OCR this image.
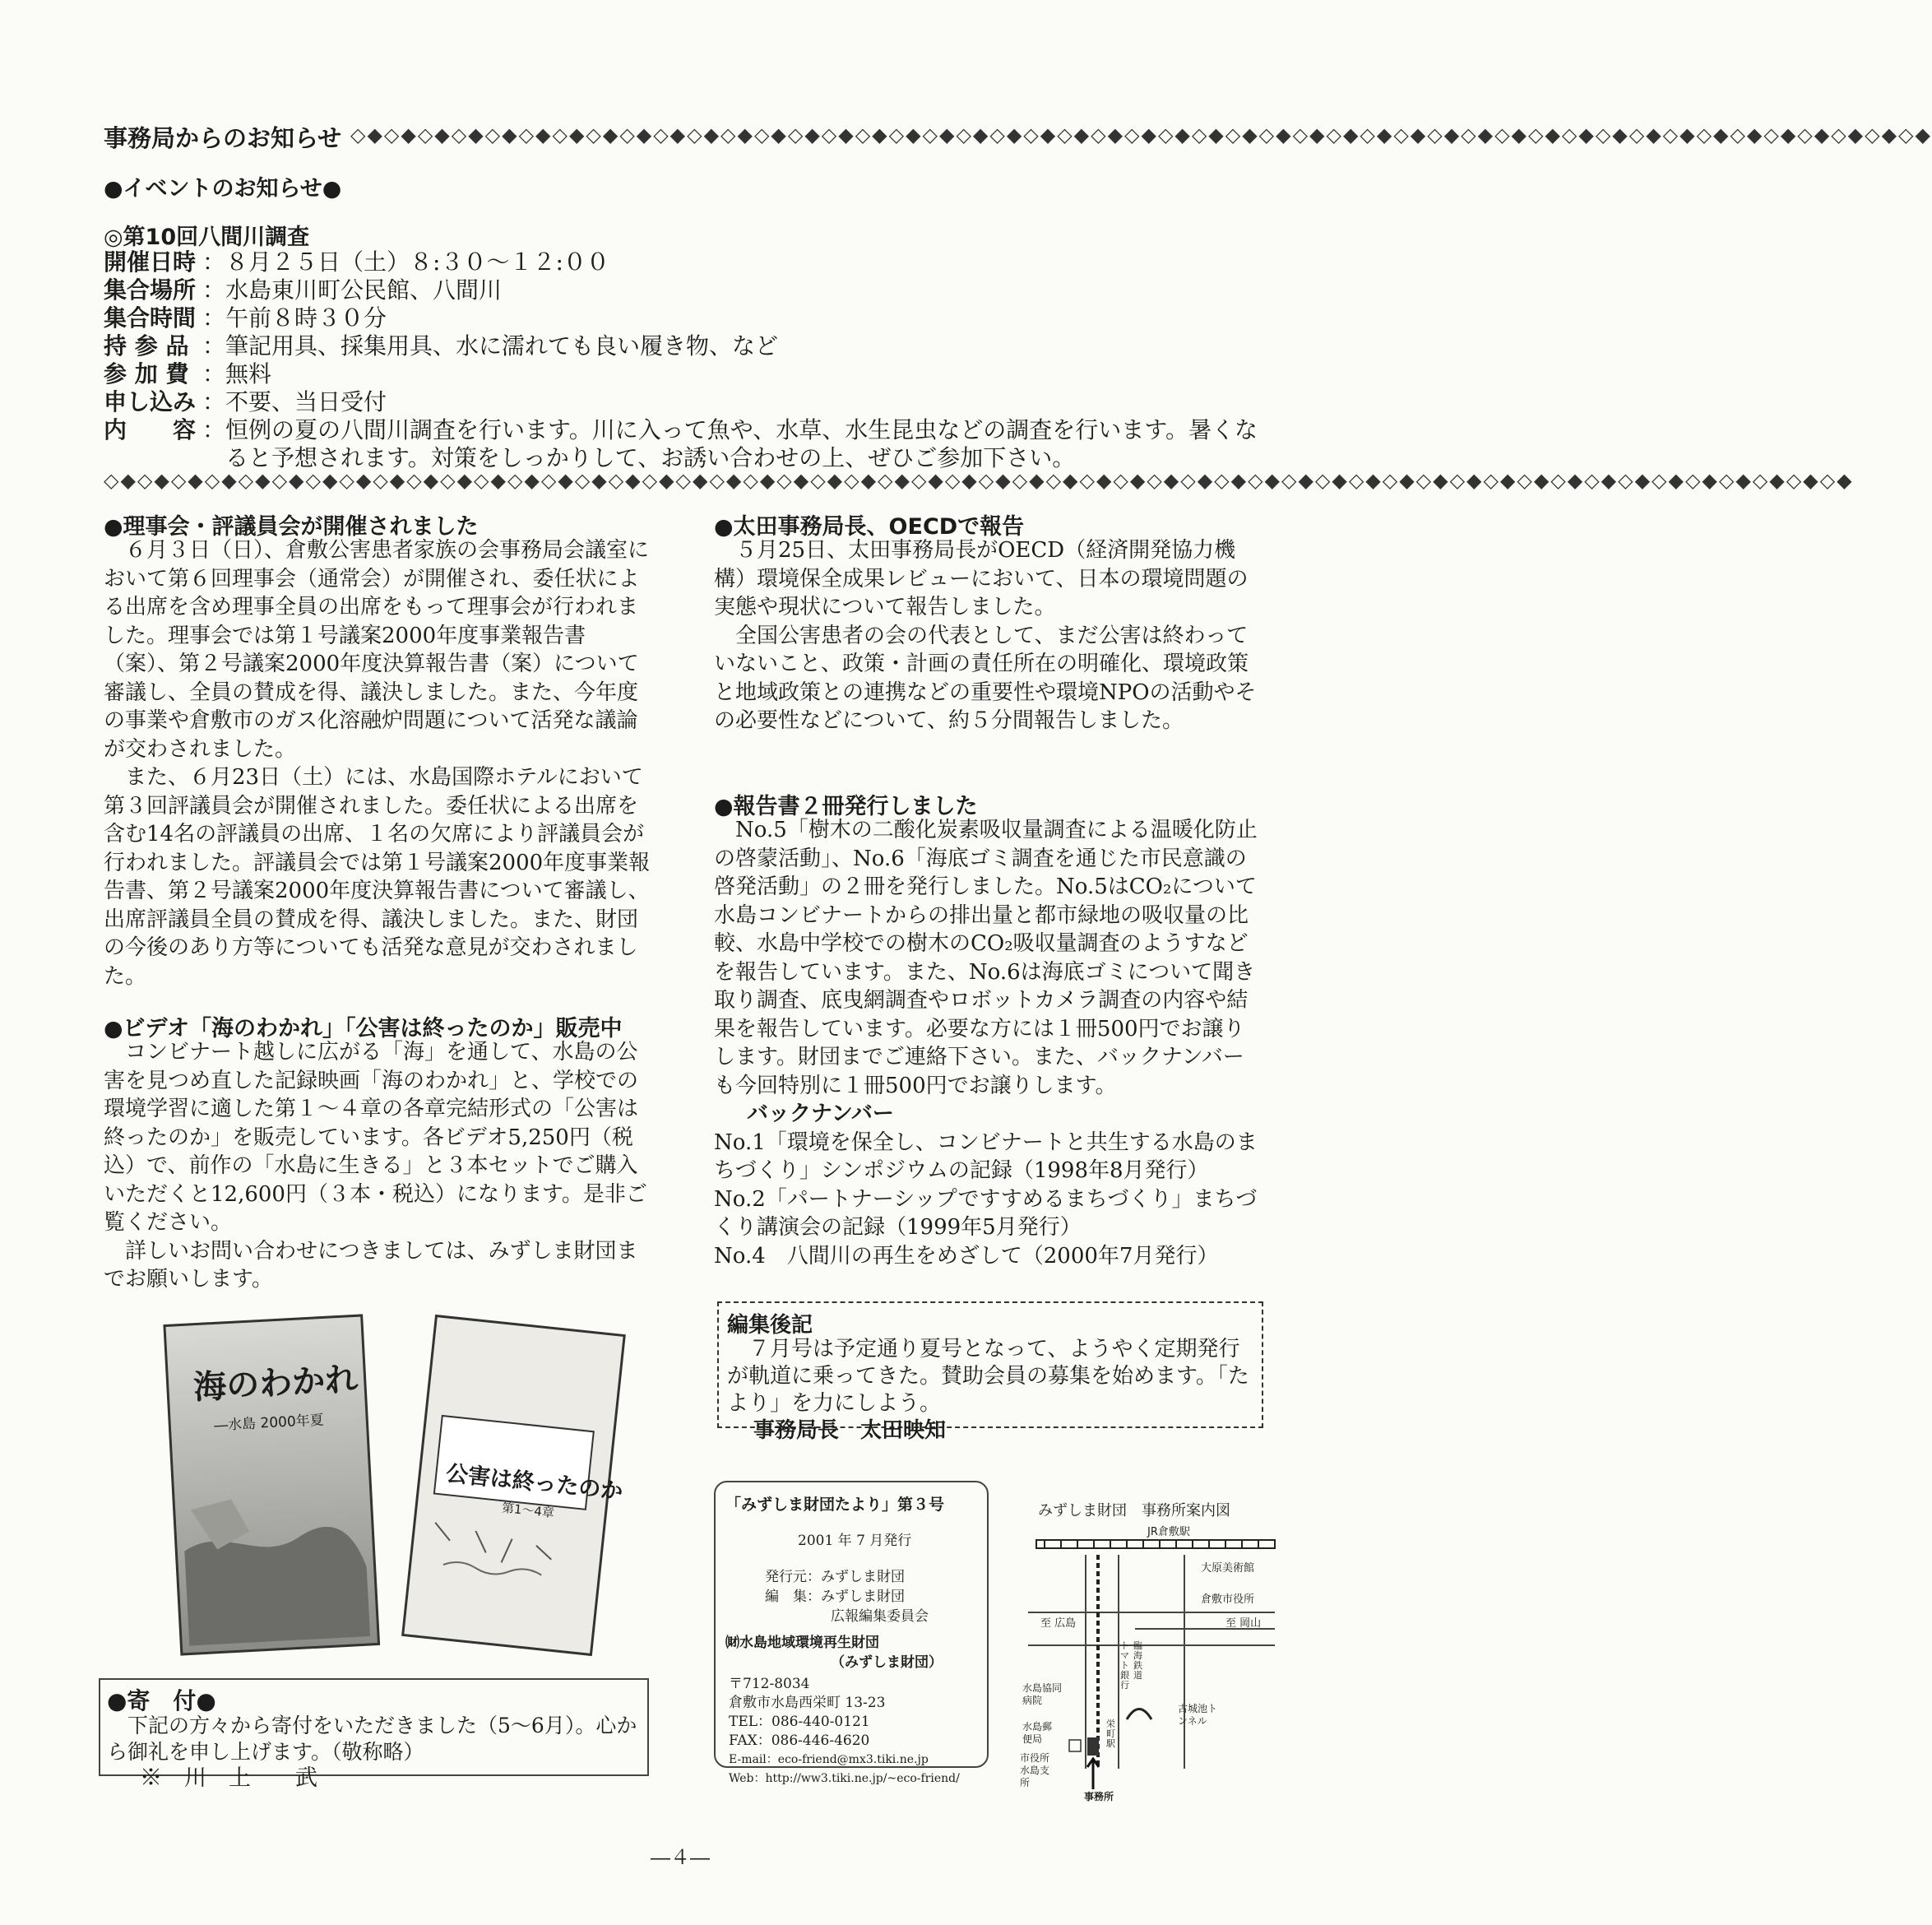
事務局からのお知らせ ◇◆◇◆◇◆◇◆◇◆◇◆◇◆◇◆◇◆◇◆◇◆◇◆◇◆◇◆◇◆◇◆◇◆◇◆◇◆◇◆◇◆◇◆◇◆◇◆◇◆◇◆◇◆◇◆◇◆◇◆◇◆◇◆◇◆◇◆◇◆◇◆◇◆◇◆◇◆◇◆◇◆◇◆◇◆◇◆◇◆◇◆◇◆
●イベントのお知らせ●
◎第10回八間川調査
開催日時	：	８月２５日（土）８:３０〜１２:００
集合場所	：	水島東川町公民館、八間川
集合時間	：	午前８時３０分
持 参 品	：	筆記用具、採集用具、水に濡れても良い履き物、など
参 加 費	：	無料
申し込み	：	不要、当日受付
内　　容	：	恒例の夏の八間川調査を行います。川に入って魚や、水草、水生昆虫などの調査を行います。暑くなると予想されます。対策をしっかりして、お誘い合わせの上、ぜひご参加下さい。
◇◆◇◆◇◆◇◆◇◆◇◆◇◆◇◆◇◆◇◆◇◆◇◆◇◆◇◆◇◆◇◆◇◆◇◆◇◆◇◆◇◆◇◆◇◆◇◆◇◆◇◆◇◆◇◆◇◆◇◆◇◆◇◆◇◆◇◆◇◆◇◆◇◆◇◆◇◆◇◆◇◆◇◆◇◆◇◆◇◆◇◆◇◆◇◆◇◆◇◆◇◆◇◆
●理事会・評議員会が開催されました

６月３日（日）、倉敷公害患者家族の会事務局会議室において第６回理事会（通常会）が開催され、委任状による出席を含め理事全員の出席をもって理事会が行われました。理事会では第１号議案2000年度事業報告書（案）、第２号議案2000年度決算報告書（案）について審議し、全員の賛成を得、議決しました。また、今年度の事業や倉敷市のガス化溶融炉問題について活発な議論が交わされました。

また、６月23日（土）には、水島国際ホテルにおいて第３回評議員会が開催されました。委任状による出席を含む14名の評議員の出席、１名の欠席により評議員会が行われました。評議員会では第１号議案2000年度事業報告書、第２号議案2000年度決算報告書について審議し、出席評議員全員の賛成を得、議決しました。また、財団の今後のあり方等についても活発な意見が交わされました。

●ビデオ「海のわかれ」「公害は終ったのか」販売中

コンビナート越しに広がる「海」を通して、水島の公害を見つめ直した記録映画「海のわかれ」と、学校での環境学習に適した第１〜４章の各章完結形式の「公害は終ったのか」を販売しています。各ビデオ5,250円（税込）で、前作の「水島に生きる」と３本セットでご購入いただくと12,600円（３本・税込）になります。是非ご覧ください。

詳しいお問い合わせにつきましては、みずしま財団までお願いします。

海のわかれ
―水島 2000年夏
公害は終ったのか
第1〜4章
●寄　付●

下記の方々から寄付をいただきました（5〜6月）。心から御礼を申し上げます。（敬称略）

※　川　上　　武

●太田事務局長、OECDで報告

５月25日、太田事務局長がOECD（経済開発協力機構）環境保全成果レビューにおいて、日本の環境問題の実態や現状について報告しました。

全国公害患者の会の代表として、まだ公害は終わっていないこと、政策・計画の責任所在の明確化、環境政策と地域政策との連携などの重要性や環境NPOの活動やその必要性などについて、約５分間報告しました。

●報告書２冊発行しました

No.5「樹木の二酸化炭素吸収量調査による温暖化防止の啓蒙活動」、No.6「海底ゴミ調査を通じた市民意識の啓発活動」の２冊を発行しました。No.5はCO₂について水島コンビナートからの排出量と都市緑地の吸収量の比較、水島中学校での樹木のCO₂吸収量調査のようすなどを報告しています。また、No.6は海底ゴミについて聞き取り調査、底曳網調査やロボットカメラ調査の内容や結果を報告しています。必要な方には１冊500円でお譲りします。財団までご連絡下さい。また、バックナンバーも今回特別に１冊500円でお譲りします。

バックナンバー

No.1「環境を保全し、コンビナートと共生する水島のまちづくり」シンポジウムの記録（1998年8月発行）

No.2「パートナーシップですすめるまちづくり」まちづくり講演会の記録（1999年5月発行）

No.4　八間川の再生をめざして（2000年7月発行）

編集後記
７月号は予定通り夏号となって、ようやく定期発行が軌道に乗ってきた。賛助会員の募集を始めます。「たより」を力にしよう。 事務局長　太田映知
「みずしま財団たより」第３号
2001 年 7 月発行
発行元：みずしま財団
編　集：みずしま財団
広報編集委員会
㈶水島地域環境再生財団
（みずしま財団）
〒712-8034
倉敷市水島西栄町 13-23
TEL：086-440-0121
FAX：086-446-4620
E-mail：eco-friend@mx3.tiki.ne.jp
Web：http://ww3.tiki.ne.jp/~eco-friend/
みずしま財団　事務所案内図
JR倉敷駅
大原美術館
倉敷市役所
至 広島	至 岡山
トマト銀行
臨海鉄道
水島協同病院
水島郵便局
市役所水島支所
栄町駅
古城池トンネル
事務所
―４―
